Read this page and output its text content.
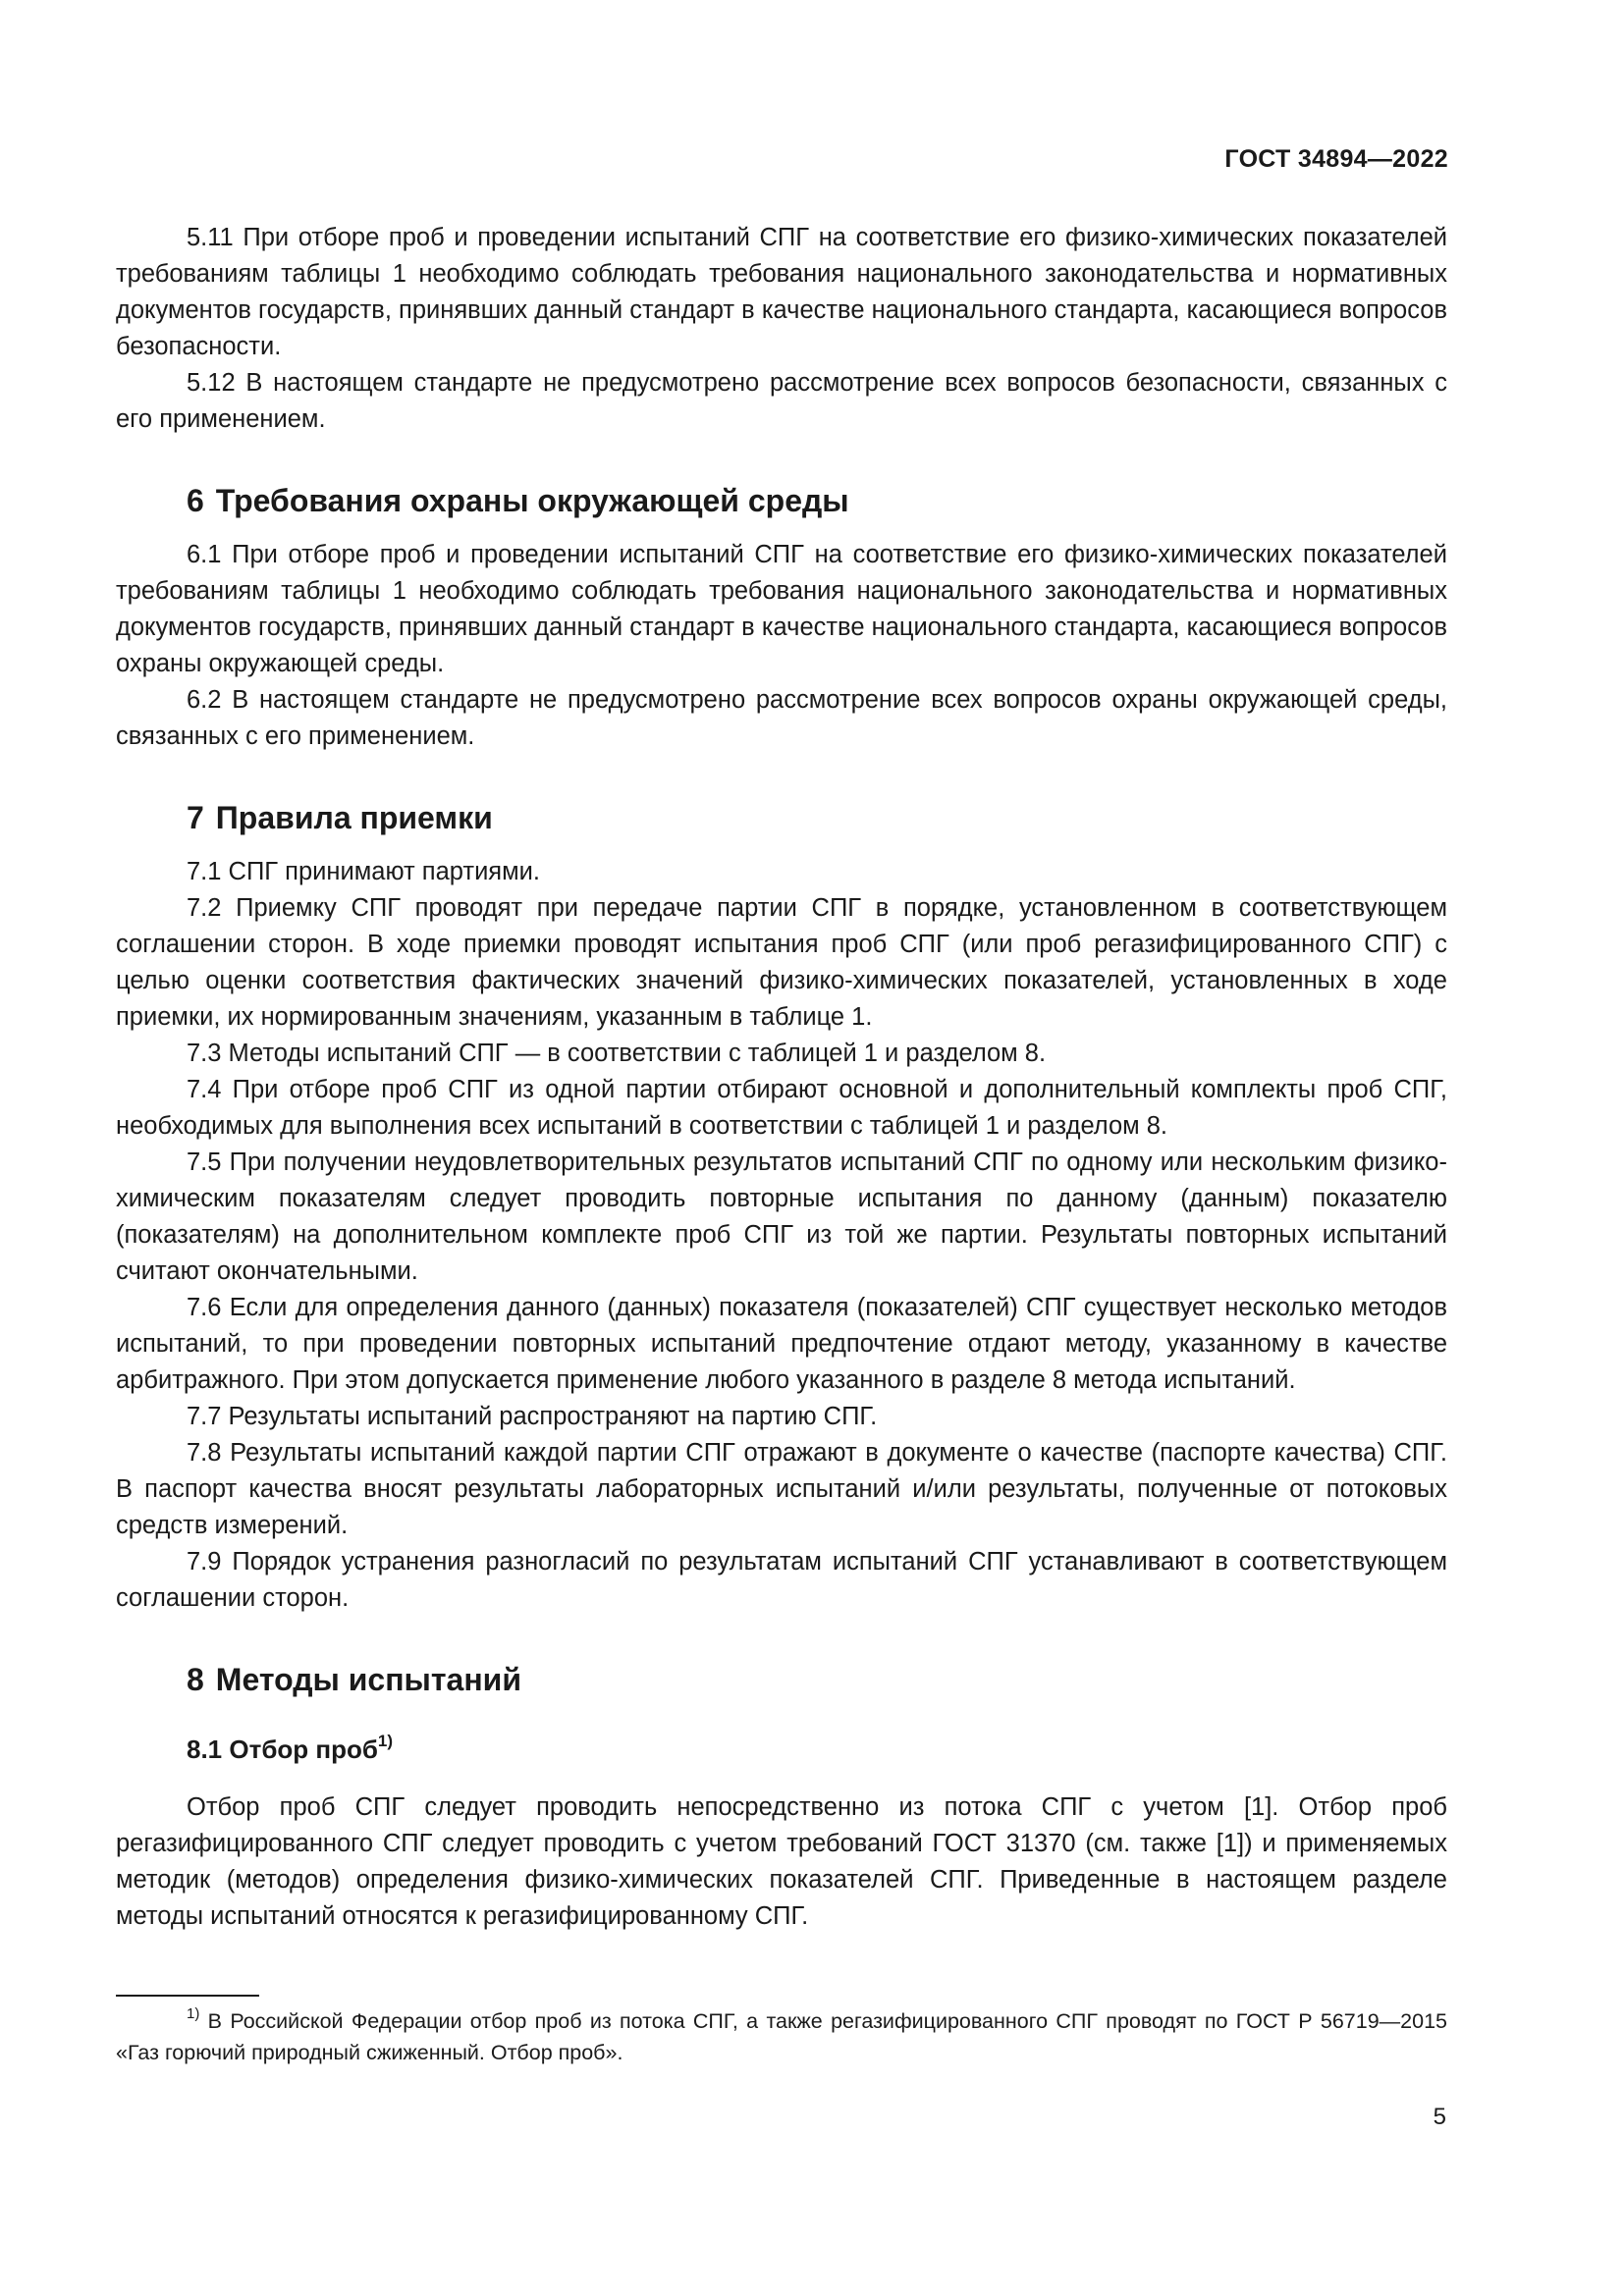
ГОСТ 34894—2022

5.11 При отборе проб и проведении испытаний СПГ на соответствие его физико-химических показателей требованиям таблицы 1 необходимо соблюдать требования национального законодательства и нормативных документов государств, принявших данный стандарт в качестве национального стандарта, касающиеся вопросов безопасности.

5.12 В настоящем стандарте не предусмотрено рассмотрение всех вопросов безопасности, связанных с его применением.

6 Требования охраны окружающей среды

6.1 При отборе проб и проведении испытаний СПГ на соответствие его физико-химических показателей требованиям таблицы 1 необходимо соблюдать требования национального законодательства и нормативных документов государств, принявших данный стандарт в качестве национального стандарта, касающиеся вопросов охраны окружающей среды.

6.2 В настоящем стандарте не предусмотрено рассмотрение всех вопросов охраны окружающей среды, связанных с его применением.

7 Правила приемки

7.1 СПГ принимают партиями.

7.2 Приемку СПГ проводят при передаче партии СПГ в порядке, установленном в соответствующем соглашении сторон. В ходе приемки проводят испытания проб СПГ (или проб регазифицированного СПГ) с целью оценки соответствия фактических значений физико-химических показателей, установленных в ходе приемки, их нормированным значениям, указанным в таблице 1.

7.3 Методы испытаний СПГ — в соответствии с таблицей 1 и разделом 8.

7.4 При отборе проб СПГ из одной партии отбирают основной и дополнительный комплекты проб СПГ, необходимых для выполнения всех испытаний в соответствии с таблицей 1 и разделом 8.

7.5 При получении неудовлетворительных результатов испытаний СПГ по одному или нескольким физико-химическим показателям следует проводить повторные испытания по данному (данным) показателю (показателям) на дополнительном комплекте проб СПГ из той же партии. Результаты повторных испытаний считают окончательными.

7.6 Если для определения данного (данных) показателя (показателей) СПГ существует несколько методов испытаний, то при проведении повторных испытаний предпочтение отдают методу, указанному в качестве арбитражного. При этом допускается применение любого указанного в разделе 8 метода испытаний.

7.7 Результаты испытаний распространяют на партию СПГ.

7.8 Результаты испытаний каждой партии СПГ отражают в документе о качестве (паспорте качества) СПГ. В паспорт качества вносят результаты лабораторных испытаний и/или результаты, полученные от потоковых средств измерений.

7.9 Порядок устранения разногласий по результатам испытаний СПГ устанавливают в соответствующем соглашении сторон.

8 Методы испытаний
8.1 Отбор проб$^{1)}$

Отбор проб СПГ следует проводить непосредственно из потока СПГ с учетом [1]. Отбор проб регазифицированного СПГ следует проводить с учетом требований ГОСТ 31370 (см. также [1]) и применяемых методик (методов) определения физико-химических показателей СПГ. Приведенные в настоящем разделе методы испытаний относятся к регазифицированному СПГ.

$^{1)}$ В Российской Федерации отбор проб из потока СПГ, а также регазифицированного СПГ проводят по ГОСТ Р 56719—2015 «Газ горючий природный сжиженный. Отбор проб».
5
